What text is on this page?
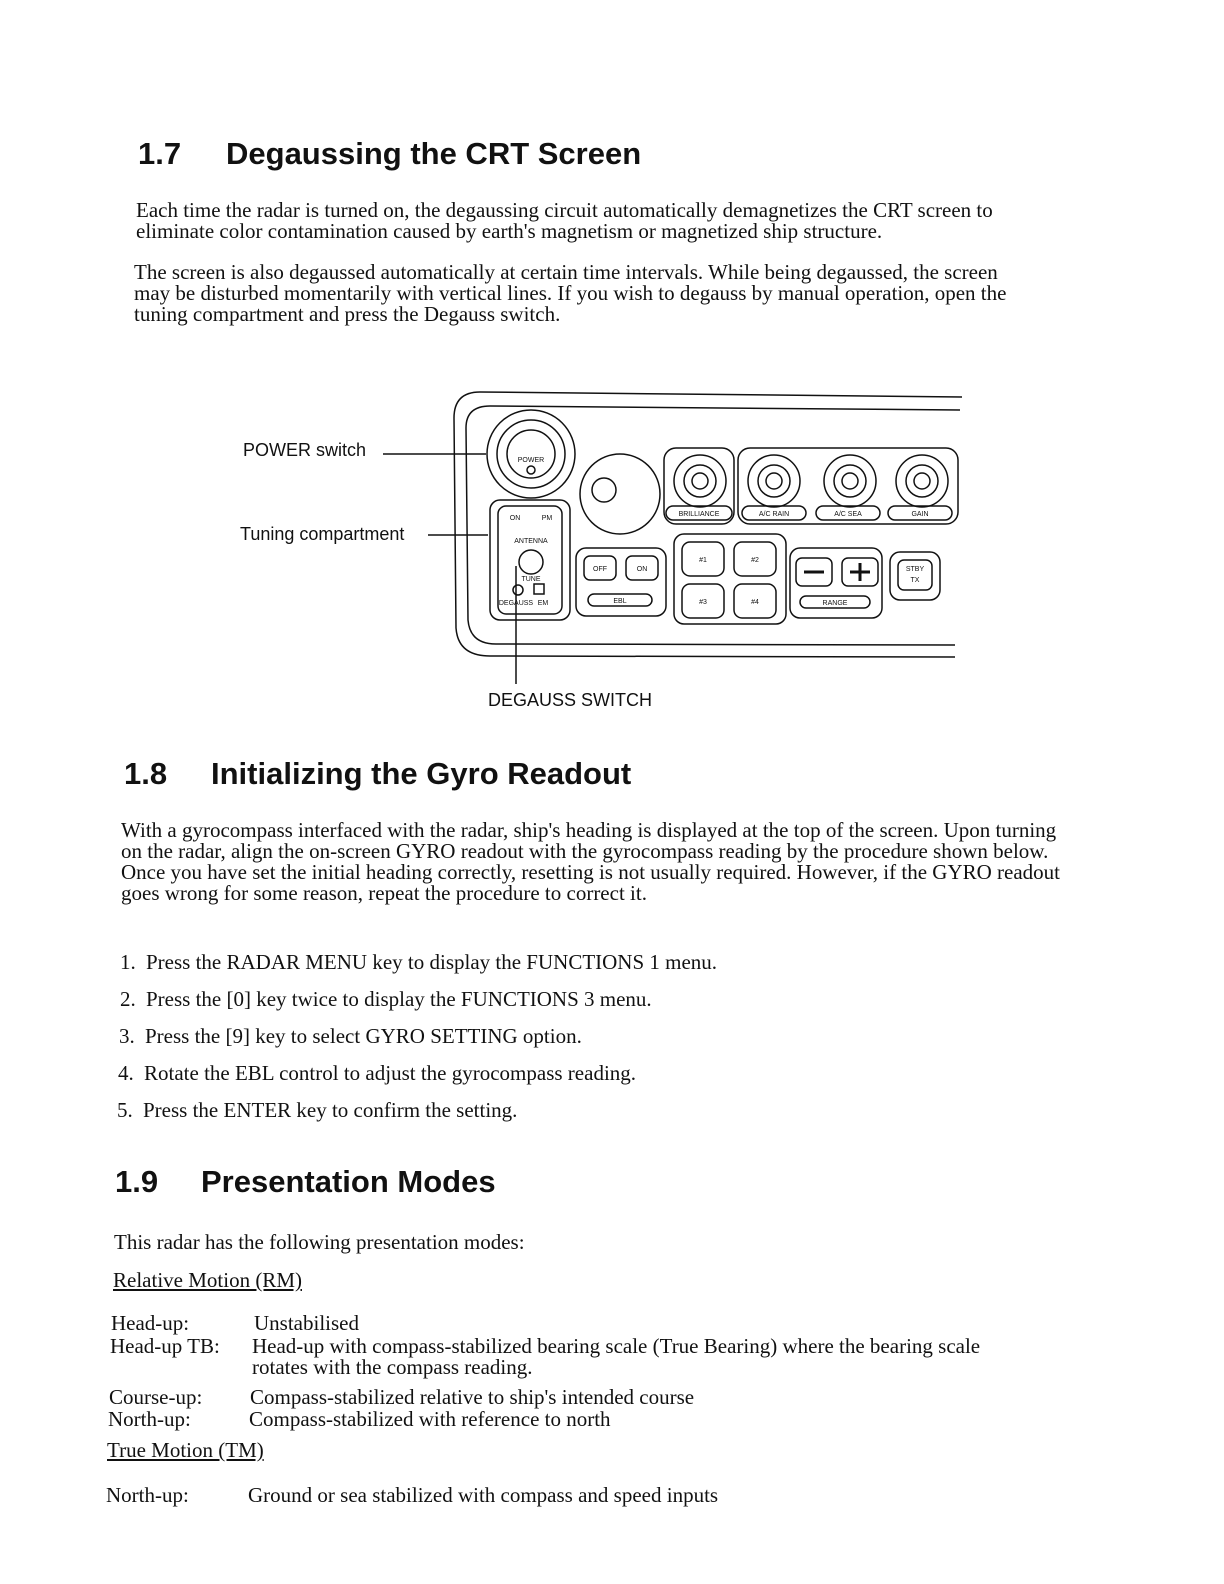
1.7 Degaussing the CRT Screen

Each time the radar is turned on, the degaussing circuit automatically demagnetizes the CRT screen to eliminate color contamination caused by earth's magnetism or magnetized ship structure.

The screen is also degaussed automatically at certain time intervals. While being degaussed, the screen may be disturbed momentarily with vertical lines. If you wish to degauss by manual operation, open the tuning compartment and press the Degauss switch.

POWER switch
Tuning compartment
DEGAUSS SWITCH
POWER
ON	PM
ANTENNA
TUNE
DEGAUSS EM
BRILLIANCE	A/C RAIN	A/C SEA	GAIN
OFF	ON
EBL
#1	#2
#3	#4	RANGE
STBY
TX
1.8 Initializing the Gyro Readout

With a gyrocompass interfaced with the radar, ship's heading is displayed at the top of the screen. Upon turning on the radar, align the on-screen GYRO readout with the gyrocompass reading by the procedure shown below. Once you have set the initial heading correctly, resetting is not usually required. However, if the GYRO readout goes wrong for some reason, repeat the procedure to correct it.

1. Press the RADAR MENU key to display the FUNCTIONS 1 menu.

2. Press the [0] key twice to display the FUNCTIONS 3 menu.

3. Press the [9] key to select GYRO SETTING option.

4. Rotate the EBL control to adjust the gyrocompass reading.

5. Press the ENTER key to confirm the setting.

1.9 Presentation Modes

This radar has the following presentation modes:

Relative Motion (RM)

Head-up:	Unstabilised
Head-up TB: Head-up with compass-stabilized bearing scale (True Bearing) where the bearing scale rotates with the compass reading.
Course-up: Compass-stabilized relative to ship's intended course
North-up:	Compass-stabilized with reference to north

True Motion (TM)

North-up:	Ground or sea stabilized with compass and speed inputs
